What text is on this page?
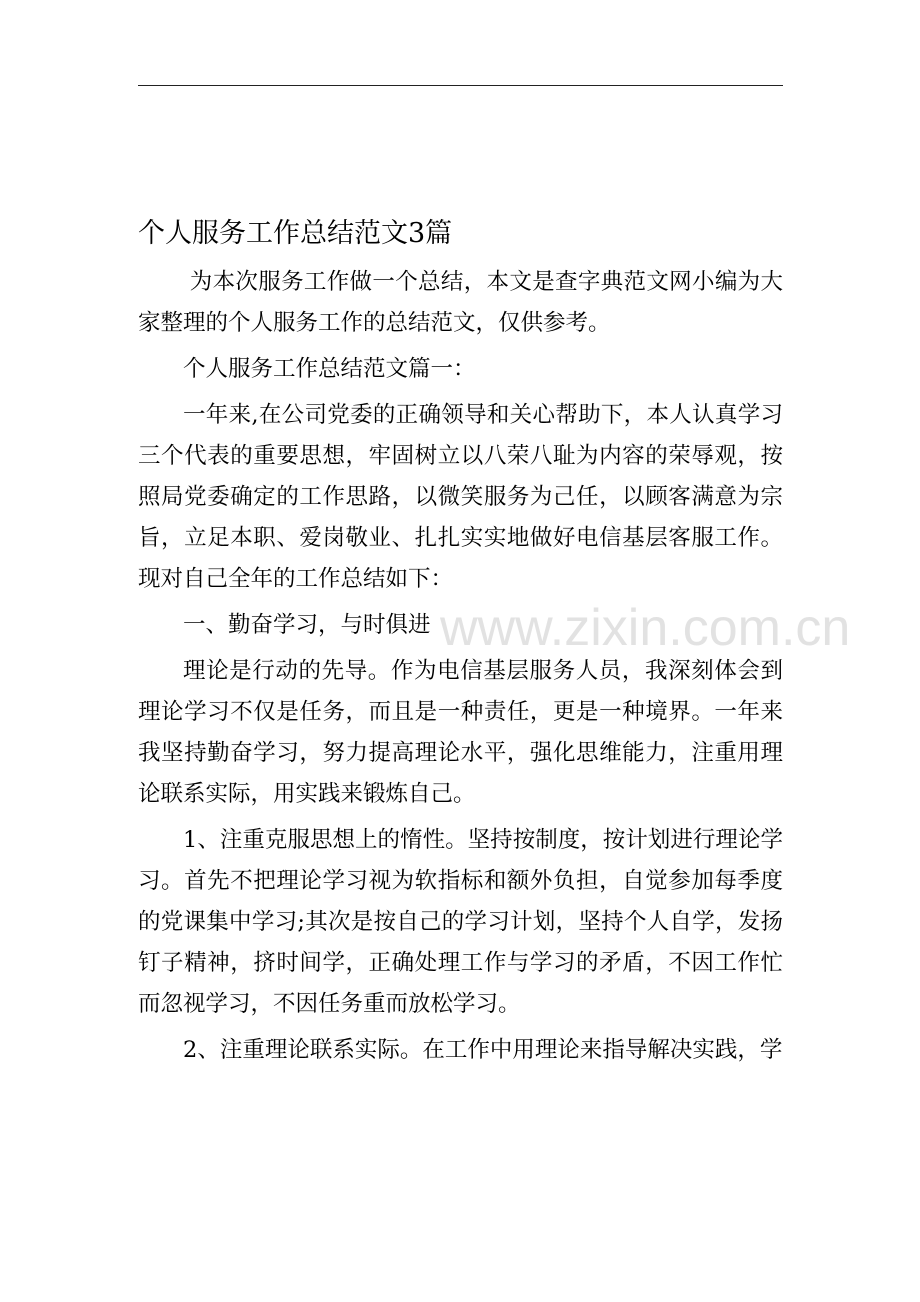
个人服务工作总结范文3篇

为本次服务工作做一个总结，本文是查字典范文网小编为大家整理的个人服务工作的总结范文，仅供参考。

个人服务工作总结范文篇一：

一年来,在公司党委的正确领导和关心帮助下，本人认真学习三个代表的重要思想，牢固树立以八荣八耻为内容的荣辱观，按照局党委确定的工作思路，以微笑服务为己任，以顾客满意为宗旨，立足本职、爱岗敬业、扎扎实实地做好电信基层客服工作。现对自己全年的工作总结如下：

一、勤奋学习，与时俱进

理论是行动的先导。作为电信基层服务人员，我深刻体会到理论学习不仅是任务，而且是一种责任，更是一种境界。一年来我坚持勤奋学习，努力提高理论水平，强化思维能力，注重用理论联系实际，用实践来锻炼自己。

1、注重克服思想上的惰性。坚持按制度，按计划进行理论学习。首先不把理论学习视为软指标和额外负担，自觉参加每季度的党课集中学习;其次是按自己的学习计划，坚持个人自学，发扬钉子精神，挤时间学，正确处理工作与学习的矛盾，不因工作忙而忽视学习，不因任务重而放松学习。

2、注重理论联系实际。在工作中用理论来指导解决实践，学

www.zixin.com.cn
